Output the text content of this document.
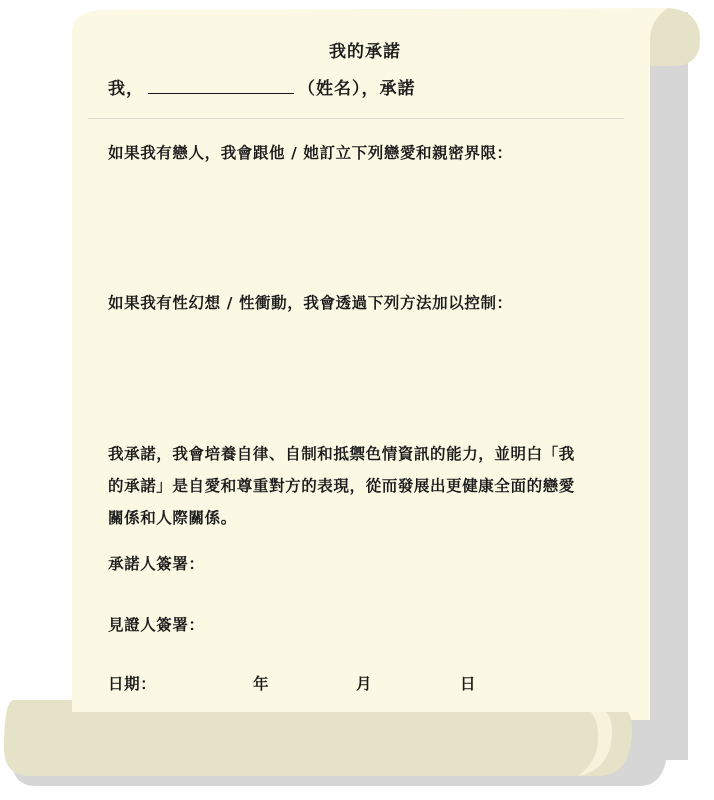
我的承諾
我，	（姓名），承諾
如果我有戀人，我會跟他 / 她訂立下列戀愛和親密界限：
如果我有性幻想 / 性衝動，我會透過下列方法加以控制：
我承諾，我會培養自律、自制和抵禦色情資訊的能力，並明白「我
的承諾」是自愛和尊重對方的表現，從而發展出更健康全面的戀愛
關係和人際關係。
承諾人簽署：
見證人簽署：
日期：	年	月	日
